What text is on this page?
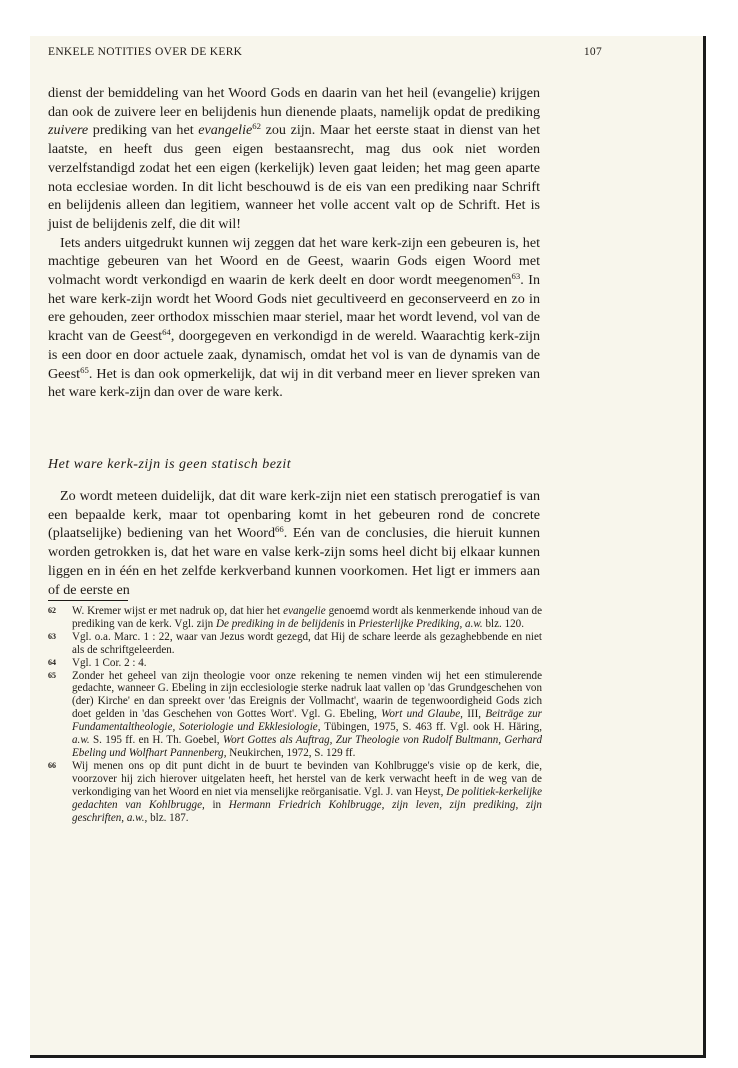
ENKELE NOTITIES OVER DE KERK	107

dienst der bemiddeling van het Woord Gods en daarin van het heil (evangelie) krijgen dan ook de zuivere leer en belijdenis hun dienende plaats, namelijk opdat de prediking zuivere prediking van het evangelie$^{62}$ zou zijn. Maar het eerste staat in dienst van het laatste, en heeft dus geen eigen bestaansrecht, mag dus ook niet worden verzelfstandigd zodat het een eigen (kerkelijk) leven gaat leiden; het mag geen aparte nota ecclesiae worden. In dit licht beschouwd is de eis van een prediking naar Schrift en belijdenis alleen dan legitiem, wanneer het volle accent valt op de Schrift. Het is juist de belijdenis zelf, die dit wil!

Iets anders uitgedrukt kunnen wij zeggen dat het ware kerk-zijn een gebeuren is, het machtige gebeuren van het Woord en de Geest, waarin Gods eigen Woord met volmacht wordt verkondigd en waarin de kerk deelt en door wordt meegenomen$^{63}$. In het ware kerk-zijn wordt het Woord Gods niet gecultiveerd en geconserveerd en zo in ere gehouden, zeer orthodox misschien maar steriel, maar het wordt levend, vol van de kracht van de Geest$^{64}$, doorgegeven en verkondigd in de wereld. Waarachtig kerk-zijn is een door en door actuele zaak, dynamisch, omdat het vol is van de dynamis van de Geest$^{65}$. Het is dan ook opmerkelijk, dat wij in dit verband meer en liever spreken van het ware kerk-zijn dan over de ware kerk.

Het ware kerk-zijn is geen statisch bezit

Zo wordt meteen duidelijk, dat dit ware kerk-zijn niet een statisch prerogatief is van een bepaalde kerk, maar tot openbaring komt in het gebeuren rond de concrete (plaatselijke) bediening van het Woord$^{66}$. Eén van de conclusies, die hieruit kunnen worden getrokken is, dat het ware en valse kerk-zijn soms heel dicht bij elkaar kunnen liggen en in één en het zelfde kerkverband kunnen voorkomen. Het ligt er immers aan of de eerste en

62	W. Kremer wijst er met nadruk op, dat hier het evangelie genoemd wordt als kenmerkende inhoud van de prediking van de kerk. Vgl. zijn De prediking in de belijdenis in Priesterlijke Prediking, a.w. blz. 120.
63	Vgl. o.a. Marc. 1 : 22, waar van Jezus wordt gezegd, dat Hij de schare leerde als gezaghebbende en niet als de schriftgeleerden.
64	Vgl. 1 Cor. 2 : 4.
65	Zonder het geheel van zijn theologie voor onze rekening te nemen vinden wij het een stimulerende gedachte, wanneer G. Ebeling in zijn ecclesiologie sterke nadruk laat vallen op 'das Grundgeschehen von (der) Kirche' en dan spreekt over 'das Ereignis der Vollmacht', waarin de tegenwoordigheid Gods zich doet gelden in 'das Geschehen von Gottes Wort'. Vgl. G. Ebeling, Wort und Glaube, III, Beiträge zur Fundamentaltheologie, Soteriologie und Ekklesiologie, Tübingen, 1975, S. 463 ff. Vgl. ook H. Häring, a.w. S. 195 ff. en H. Th. Goebel, Wort Gottes als Auftrag, Zur Theologie von Rudolf Bultmann, Gerhard Ebeling und Wolfhart Pannenberg, Neukirchen, 1972, S. 129 ff.
66	Wij menen ons op dit punt dicht in de buurt te bevinden van Kohlbrugge's visie op de kerk, die, voorzover hij zich hierover uitgelaten heeft, het herstel van de kerk verwacht heeft in de weg van de verkondiging van het Woord en niet via menselijke reörganisatie. Vgl. J. van Heyst, De politiek-kerkelijke gedachten van Kohlbrugge, in Hermann Friedrich Kohlbrugge, zijn leven, zijn prediking, zijn geschriften, a.w., blz. 187.
